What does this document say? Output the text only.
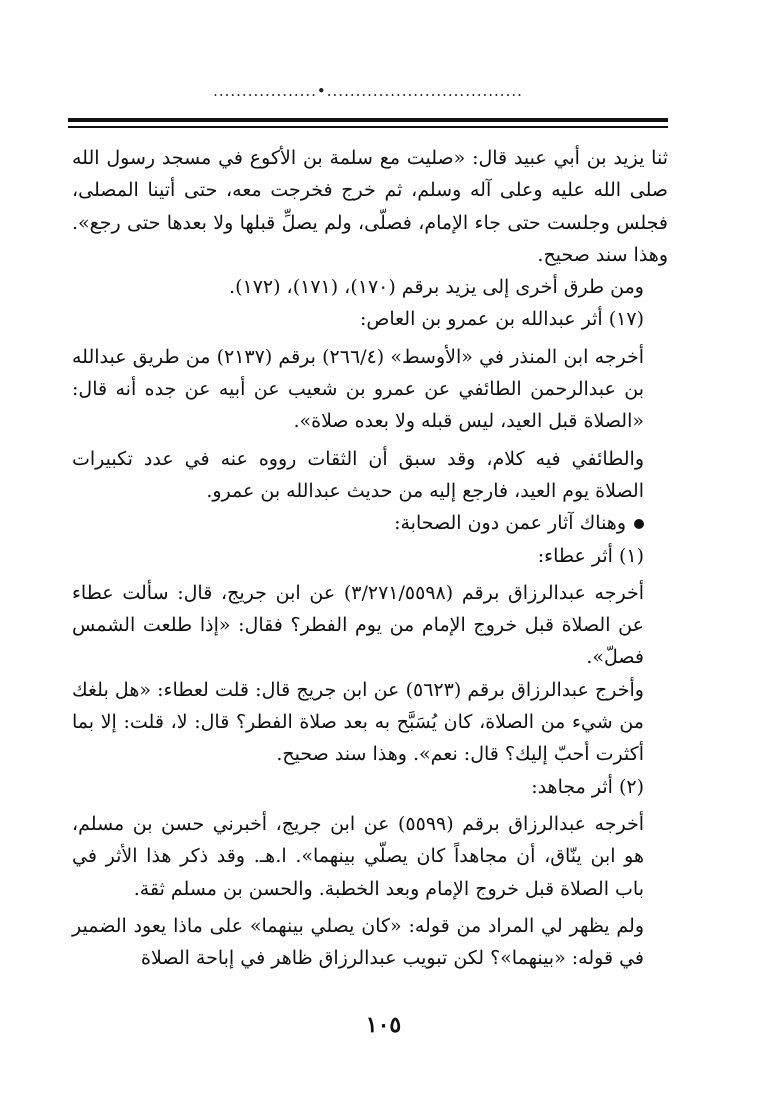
..................•..................................

ثنا يزيد بن أبي عبيد قال: «صليت مع سلمة بن الأكوع في مسجد رسول الله صلى الله عليه وعلى آله وسلم، ثم خرج فخرجت معه، حتى أتينا المصلى، فجلس وجلست حتى جاء الإمام، فصلّى، ولم يصلِّ قبلها ولا بعدها حتى رجع». وهذا سند صحيح.

ومن طرق أخرى إلى يزيد برقم (١٧٠)، (١٧١)، (١٧٢).

(١٧) أثر عبدالله بن عمرو بن العاص:

أخرجه ابن المنذر في «الأوسط» (٢٦٦/٤) برقم (٢١٣٧) من طريق عبدالله بن عبدالرحمن الطائفي عن عمرو بن شعيب عن أبيه عن جده أنه قال: «الصلاة قبل العيد، ليس قبله ولا بعده صلاة».

والطائفي فيه كلام، وقد سبق أن الثقات رووه عنه في عدد تكبيرات الصلاة يوم العيد، فارجع إليه من حديث عبدالله بن عمرو.

وهناك آثار عمن دون الصحابة:

(١) أثر عطاء:

أخرجه عبدالرزاق برقم (٣/٢٧١/٥٥٩٨) عن ابن جريج، قال: سألت عطاء عن الصلاة قبل خروج الإمام من يوم الفطر؟ فقال: «إذا طلعت الشمس فصلّ».

وأخرج عبدالرزاق برقم (٥٦٢٣) عن ابن جريج قال: قلت لعطاء: «هل بلغك من شيء من الصلاة، كان يُسَبَّح به بعد صلاة الفطر؟ قال: لا، قلت: إلا بما أكثرت أحبّ إليك؟ قال: نعم». وهذا سند صحيح.

(٢) أثر مجاهد:

أخرجه عبدالرزاق برقم (٥٥٩٩) عن ابن جريج، أخبرني حسن بن مسلم، هو ابن ينّاق، أن مجاهداً كان يصلّي بينهما». ا.هـ. وقد ذكر هذا الأثر في باب الصلاة قبل خروج الإمام وبعد الخطبة. والحسن بن مسلم ثقة.

ولم يظهر لي المراد من قوله: «كان يصلي بينهما» على ماذا يعود الضمير في قوله: «بينهما»؟ لكن تبويب عبدالرزاق ظاهر في إباحة الصلاة

١٠٥
